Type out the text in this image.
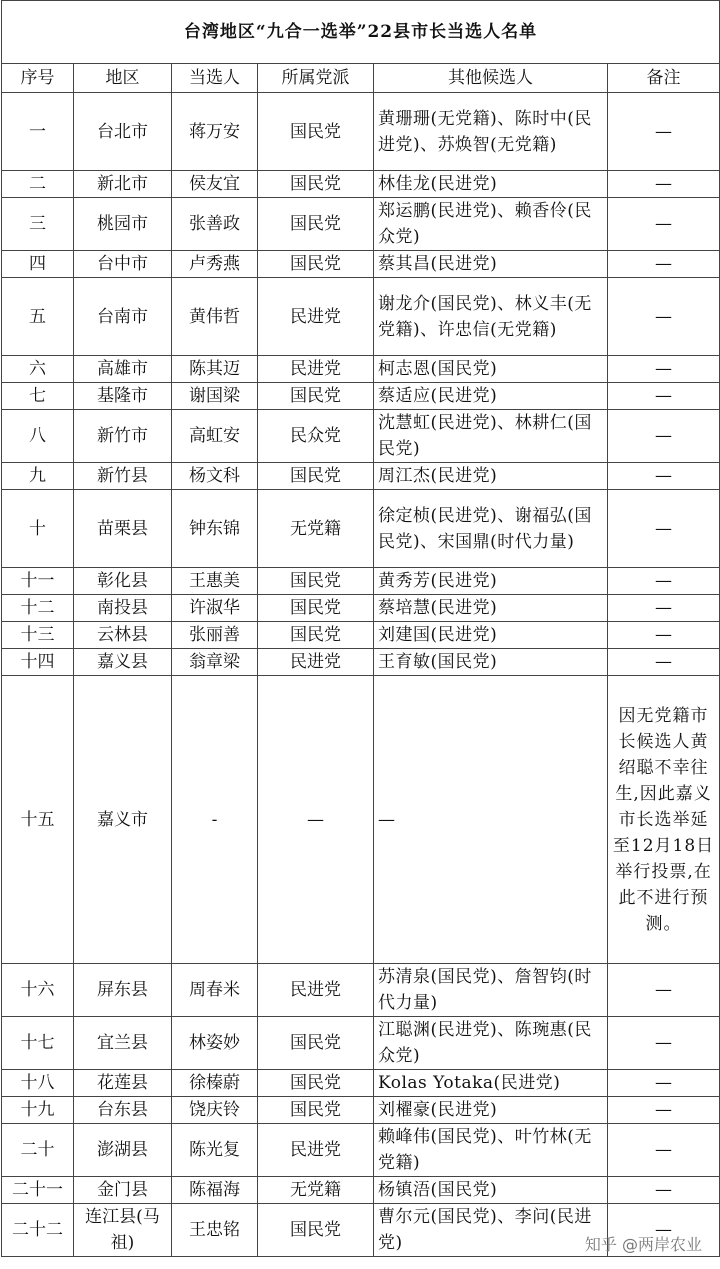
台湾地区“九合一选举”22县市长当选人名单					
序号	地区	当选人	所属党派	其他候选人	备注
一	台北市	蒋万安	国民党	黄珊珊(无党籍)、陈时中(民进党)、苏焕智(无党籍)	—
二	新北市	侯友宜	国民党	林佳龙(民进党)	—
三	桃园市	张善政	国民党	郑运鹏(民进党)、赖香伶(民众党)	—
四	台中市	卢秀燕	国民党	蔡其昌(民进党)	—
五	台南市	黄伟哲	民进党	谢龙介(国民党)、林义丰(无党籍)、许忠信(无党籍)	—
六	高雄市	陈其迈	民进党	柯志恩(国民党)	—
七	基隆市	谢国梁	国民党	蔡适应(民进党)	—
八	新竹市	高虹安	民众党	沈慧虹(民进党)、林耕仁(国民党)	—
九	新竹县	杨文科	国民党	周江杰(民进党)	—
十	苗栗县	钟东锦	无党籍	徐定桢(民进党)、谢福弘(国民党)、宋国鼎(时代力量)	—
十一	彰化县	王惠美	国民党	黄秀芳(民进党)	—
十二	南投县	许淑华	国民党	蔡培慧(民进党)	—
十三	云林县	张丽善	国民党	刘建国(民进党)	—
十四	嘉义县	翁章梁	民进党	王育敏(国民党)	—
十五	嘉义市	-	—	—	因无党籍市长候选人黄绍聪不幸往生,因此嘉义市长选举延至12月18日举行投票,在此不进行预测。
十六	屏东县	周春米	民进党	苏清泉(国民党)、詹智钧(时代力量)	—
十七	宜兰县	林姿妙	国民党	江聪渊(民进党)、陈琬惠(民众党)	—
十八	花莲县	徐榛蔚	国民党	Kolas Yotaka(民进党)	—
十九	台东县	饶庆铃	国民党	刘櫂豪(民进党)	—
二十	澎湖县	陈光复	民进党	赖峰伟(国民党)、叶竹林(无党籍)	—
二十一	金门县	陈福海	无党籍	杨镇浯(国民党)	—
二十二	连江县(马祖)	王忠铭	国民党	曹尔元(国民党)、李问(民进党)	—
知乎 @两岸农业
